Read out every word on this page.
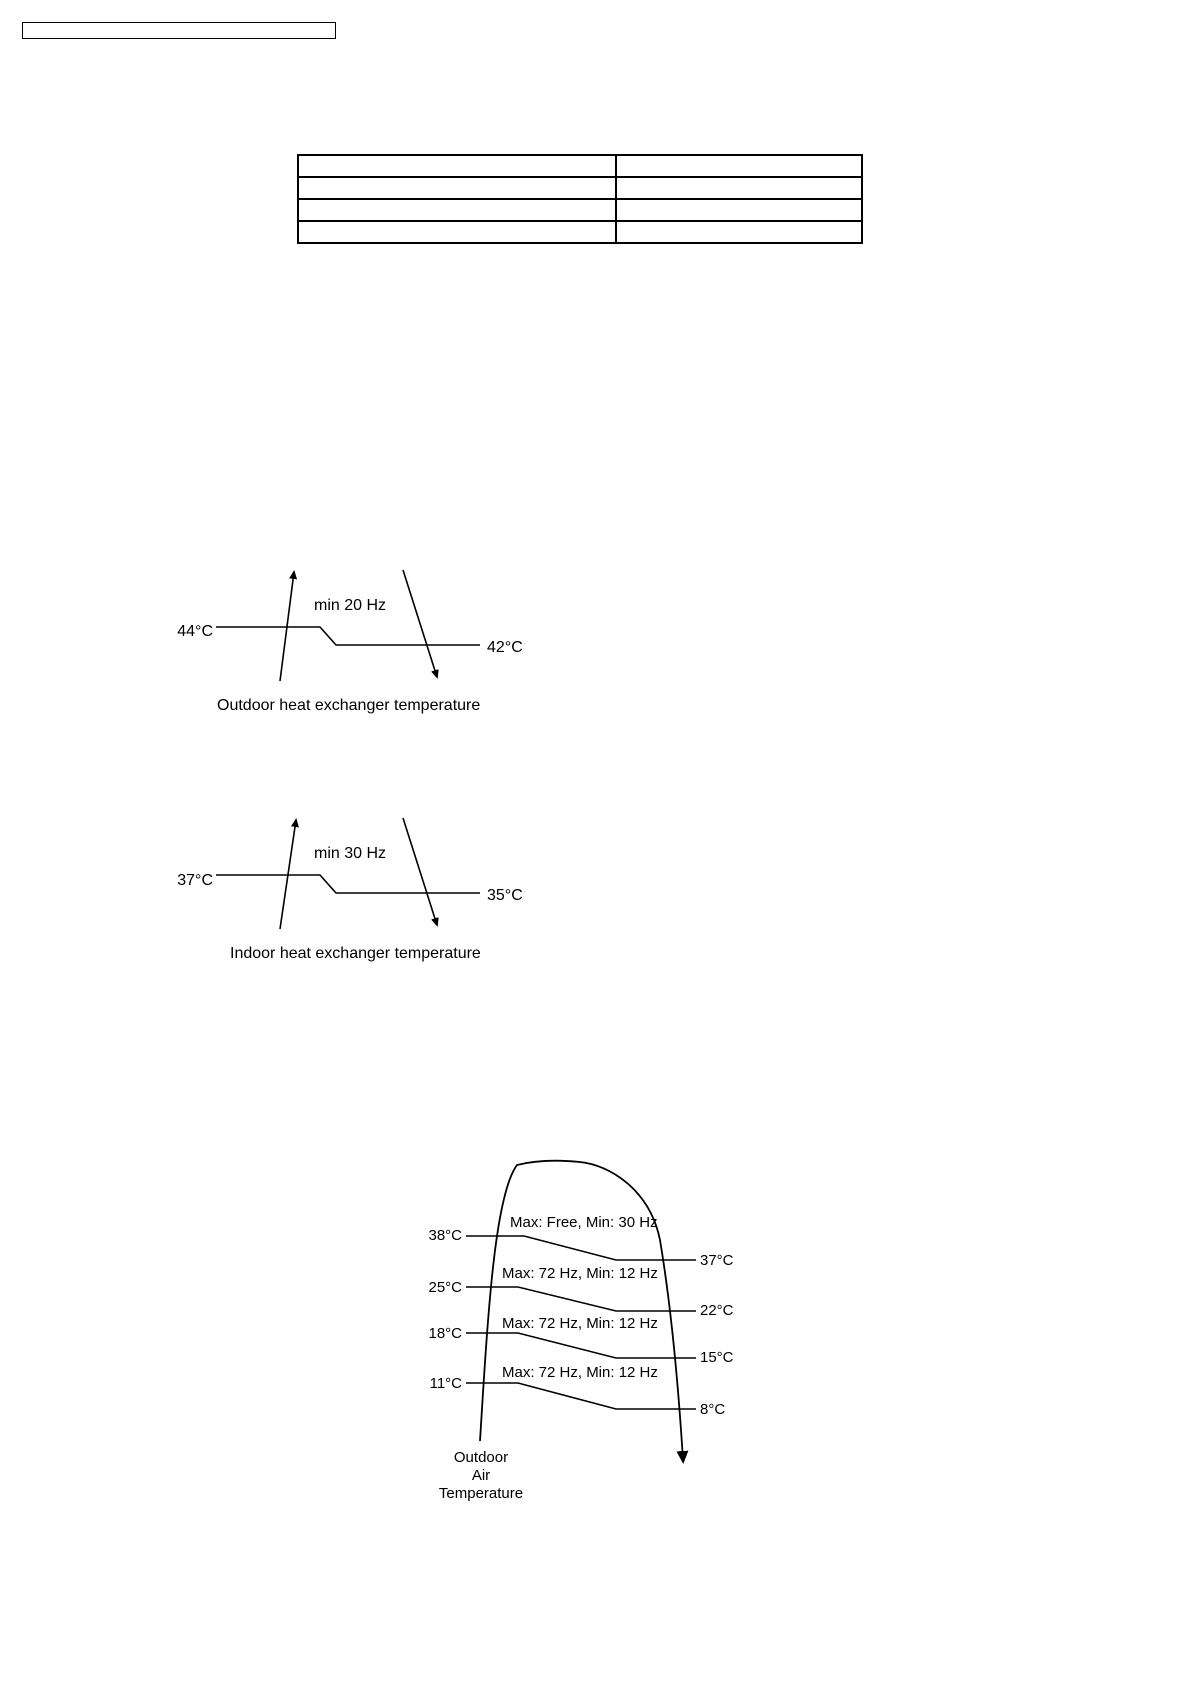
44°C
42°C
min 20 Hz
Outdoor heat exchanger temperature
37°C
35°C
min 30 Hz
Indoor heat exchanger temperature
38°C
37°C
Max: Free, Min: 30 Hz
25°C
22°C
Max: 72 Hz, Min: 12 Hz
18°C
15°C
Max: 72 Hz, Min: 12 Hz
11°C
8°C
Max: 72 Hz, Min: 12 Hz
Outdoor
Air
Temperature
